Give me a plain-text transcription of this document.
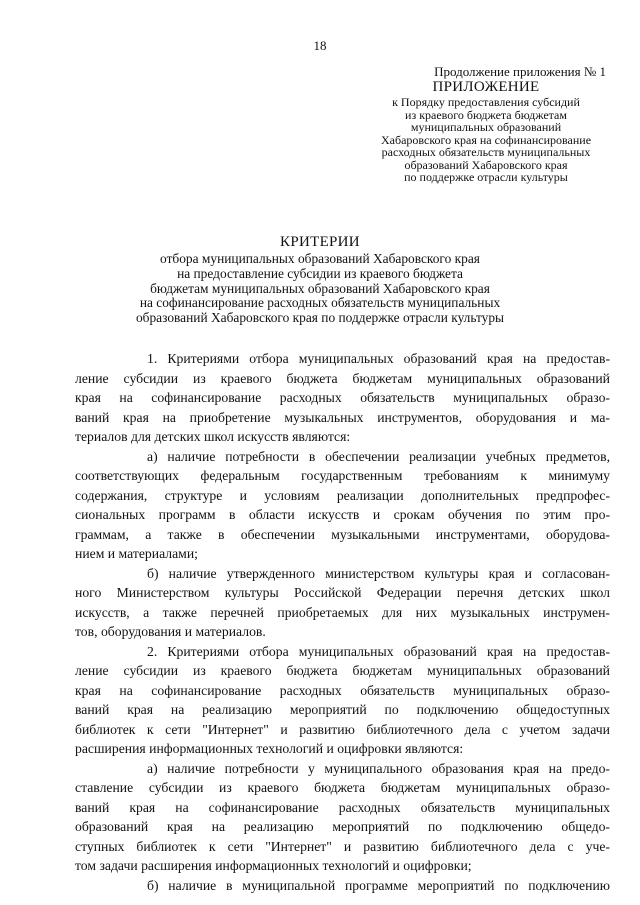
18
Продолжение приложения № 1
ПРИЛОЖЕНИЕ
к Порядку предоставления субсидий
из краевого бюджета бюджетам
муниципальных образований
Хабаровского края на софинансирование
расходных обязательств муниципальных
образований Хабаровского края
по поддержке отрасли культуры
КРИТЕРИИ
отбора муниципальных образований Хабаровского края
на предоставление субсидии из краевого бюджета
бюджетам муниципальных образований Хабаровского края
на софинансирование расходных обязательств муниципальных
образований Хабаровского края по поддержке отрасли культуры
1. Критериями отбора муниципальных образований края на предостав-
ление субсидии из краевого бюджета бюджетам муниципальных образований
края на софинансирование расходных обязательств муниципальных образо-
ваний края на приобретение музыкальных инструментов, оборудования и ма-
териалов для детских школ искусств являются:
а) наличие потребности в обеспечении реализации учебных предметов,
соответствующих федеральным государственным требованиям к минимуму
содержания, структуре и условиям реализации дополнительных предпрофес-
сиональных программ в области искусств и срокам обучения по этим про-
граммам, а также в обеспечении музыкальными инструментами, оборудова-
нием и материалами;
б) наличие утвержденного министерством культуры края и согласован-
ного Министерством культуры Российской Федерации перечня детских школ
искусств, а также перечней приобретаемых для них музыкальных инструмен-
тов, оборудования и материалов.
2. Критериями отбора муниципальных образований края на предостав-
ление субсидии из краевого бюджета бюджетам муниципальных образований
края на софинансирование расходных обязательств муниципальных образо-
ваний края на реализацию мероприятий по подключению общедоступных
библиотек к сети "Интернет" и развитию библиотечного дела с учетом задачи
расширения информационных технологий и оцифровки являются:
а) наличие потребности у муниципального образования края на предо-
ставление субсидии из краевого бюджета бюджетам муниципальных образо-
ваний края на софинансирование расходных обязательств муниципальных
образований края на реализацию мероприятий по подключению общедо-
ступных библиотек к сети "Интернет" и развитию библиотечного дела с уче-
том задачи расширения информационных технологий и оцифровки;
б) наличие в муниципальной программе мероприятий по подключению
